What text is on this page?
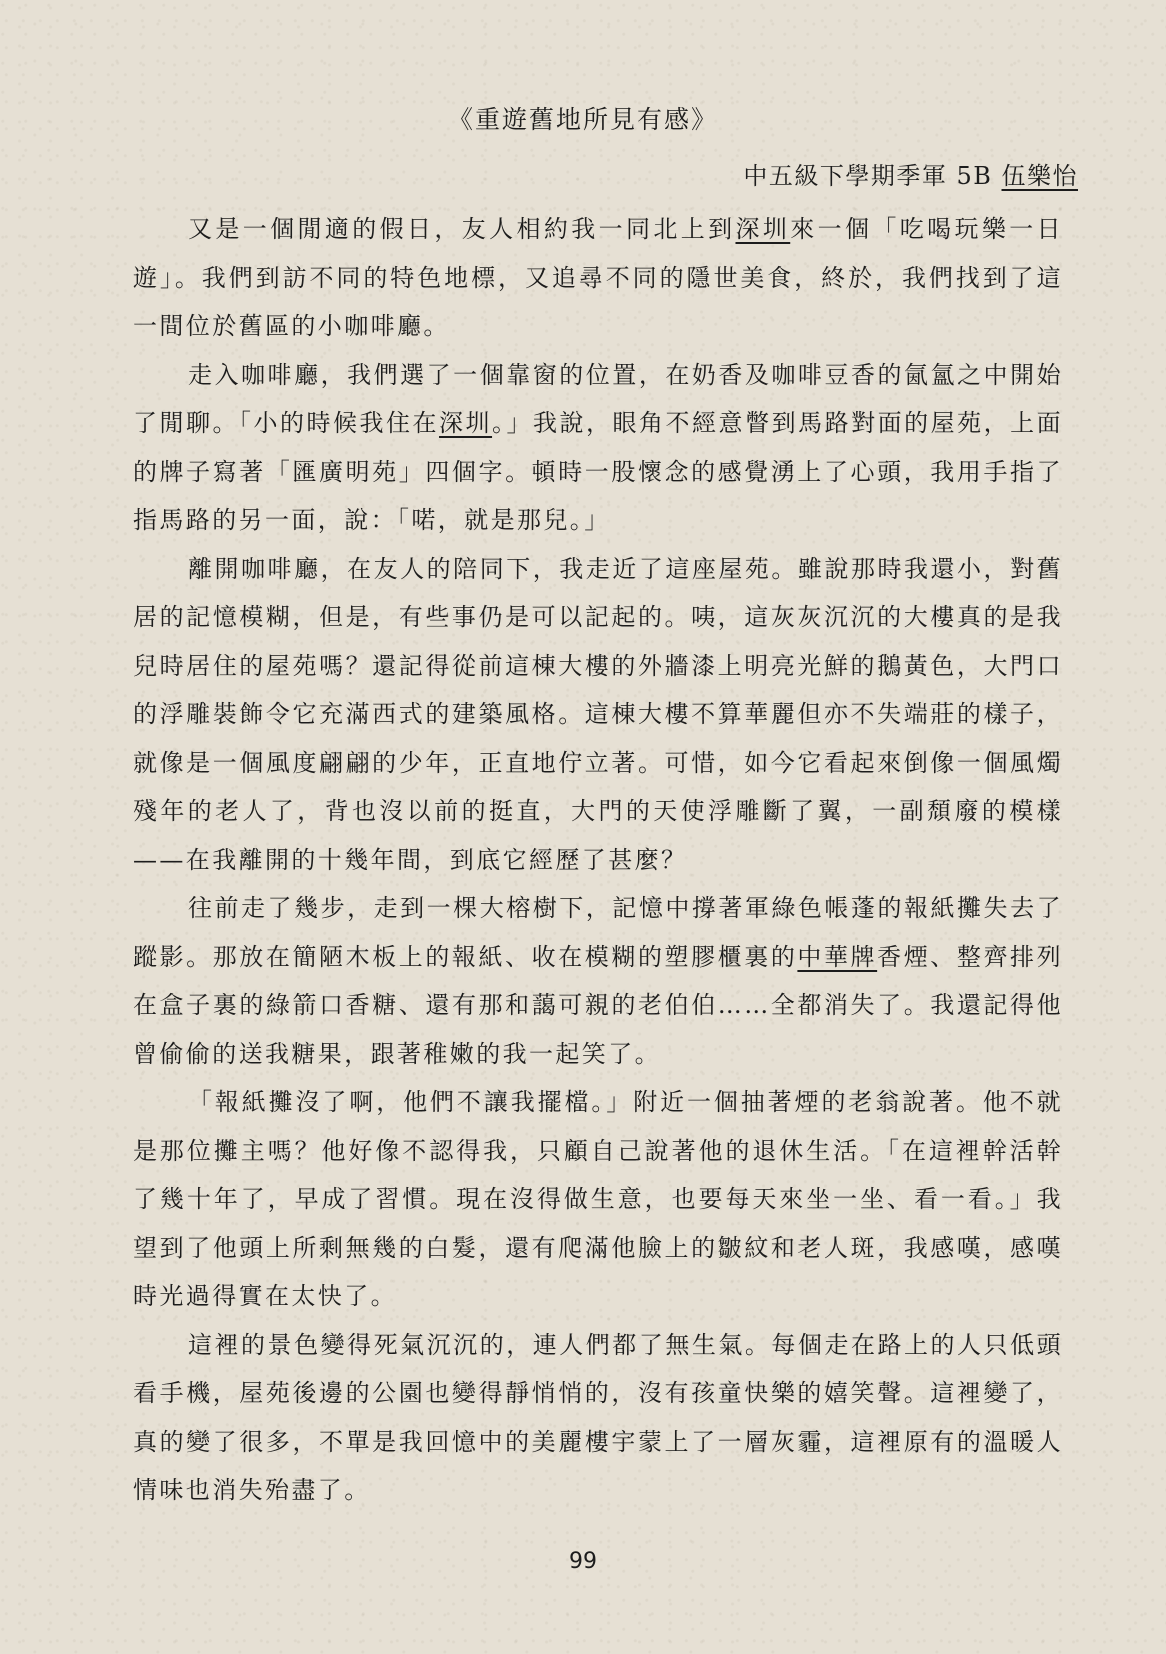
《重遊舊地所見有感》
中五級下學期季軍 5B 伍樂怡

又是一個閒適的假日，友人相約我一同北上到深圳來一個「吃喝玩樂一日遊」。我們到訪不同的特色地標，又追尋不同的隱世美食，終於，我們找到了這一間位於舊區的小咖啡廳。

走入咖啡廳，我們選了一個靠窗的位置，在奶香及咖啡豆香的氤氳之中開始了閒聊。「小的時候我住在深圳。」我說，眼角不經意瞥到馬路對面的屋苑，上面的牌子寫著「匯廣明苑」四個字。頓時一股懷念的感覺湧上了心頭，我用手指了指馬路的另一面，說：「喏，就是那兒。」

離開咖啡廳，在友人的陪同下，我走近了這座屋苑。雖說那時我還小，對舊居的記憶模糊，但是，有些事仍是可以記起的。咦，這灰灰沉沉的大樓真的是我兒時居住的屋苑嗎？還記得從前這棟大樓的外牆漆上明亮光鮮的鵝黃色，大門口的浮雕裝飾令它充滿西式的建築風格。這棟大樓不算華麗但亦不失端莊的樣子，就像是一個風度翩翩的少年，正直地佇立著。可惜，如今它看起來倒像一個風燭殘年的老人了，背也沒以前的挺直，大門的天使浮雕斷了翼，一副頹廢的模樣　　——在我離開的十幾年間，到底它經歷了甚麼？

往前走了幾步，走到一棵大榕樹下，記憶中撐著軍綠色帳蓬的報紙攤失去了蹤影。那放在簡陋木板上的報紙、收在模糊的塑膠櫃裏的中華牌香煙、整齊排列在盒子裏的綠箭口香糖、還有那和藹可親的老伯伯……全都消失了。我還記得他曾偷偷的送我糖果，跟著稚嫩的我一起笑了。

「報紙攤沒了啊，他們不讓我擺檔。」附近一個抽著煙的老翁說著。他不就是那位攤主嗎？他好像不認得我，只顧自己說著他的退休生活。「在這裡幹活幹了幾十年了，早成了習慣。現在沒得做生意，也要每天來坐一坐、看一看。」我望到了他頭上所剩無幾的白髮，還有爬滿他臉上的皺紋和老人斑，我感嘆，感嘆時光過得實在太快了。

這裡的景色變得死氣沉沉的，連人們都了無生氣。每個走在路上的人只低頭看手機，屋苑後邊的公園也變得靜悄悄的，沒有孩童快樂的嬉笑聲。這裡變了，真的變了很多，不單是我回憶中的美麗樓宇蒙上了一層灰霾，這裡原有的溫暖人情味也消失殆盡了。

99
